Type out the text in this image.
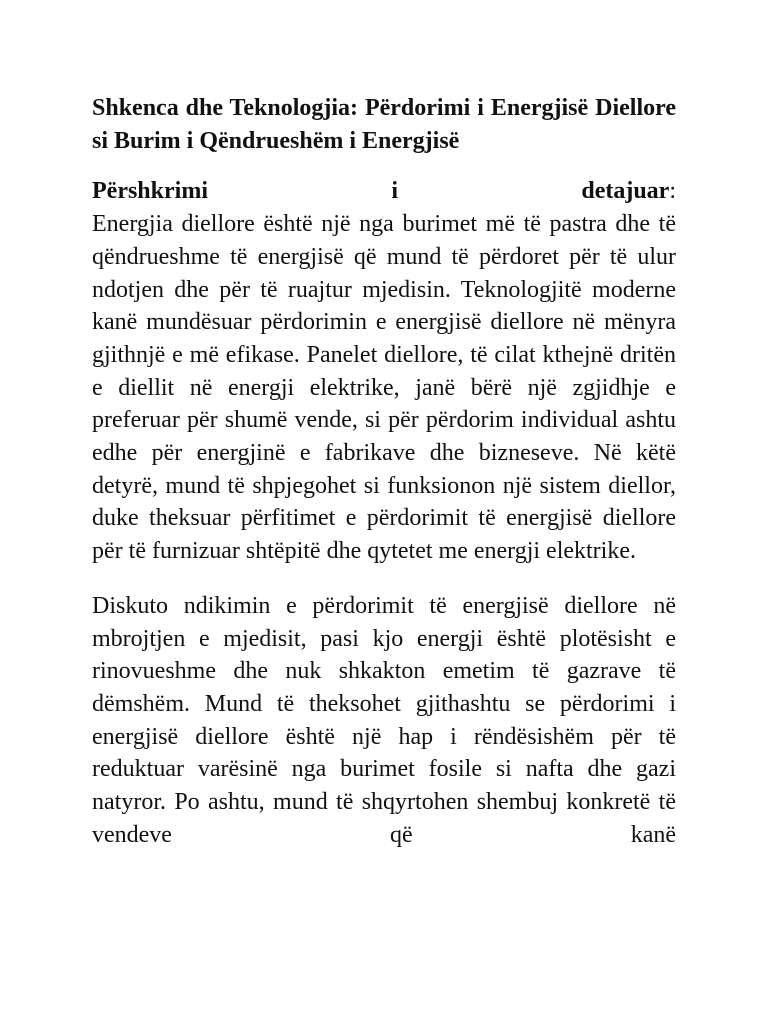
Shkenca dhe Teknologjia: Përdorimi i Energjisë Diellore si Burim i Qëndrueshëm i Energjisë

Përshkrimi	i	detajuar:

Energjia diellore është një nga burimet më të pastra dhe të qëndrueshme të energjisë që mund të përdoret për të ulur ndotjen dhe për të ruajtur mjedisin. Teknologjitë moderne kanë mundësuar përdorimin e energjisë diellore në mënyra gjithnjë e më efikase. Panelet diellore, të cilat kthejnë dritën e diellit në energji elektrike, janë bërë një zgjidhje e preferuar për shumë vende, si për përdorim individual ashtu edhe për energjinë e fabrikave dhe bizneseve. Në këtë detyrë, mund të shpjegohet si funksionon një sistem diellor, duke theksuar përfitimet e përdorimit të energjisë diellore për të furnizuar shtëpitë dhe qytetet me energji elektrike.

Diskuto ndikimin e përdorimit të energjisë diellore në mbrojtjen e mjedisit, pasi kjo energji është plotësisht e rinovueshme dhe nuk shkakton emetim të gazrave të dëmshëm. Mund të theksohet gjithashtu se përdorimi i energjisë diellore është një hap i rëndësishëm për të reduktuar varësinë nga burimet fosile si nafta dhe gazi natyror. Po ashtu, mund të shqyrtohen shembuj konkretë të vendeve që kanë
